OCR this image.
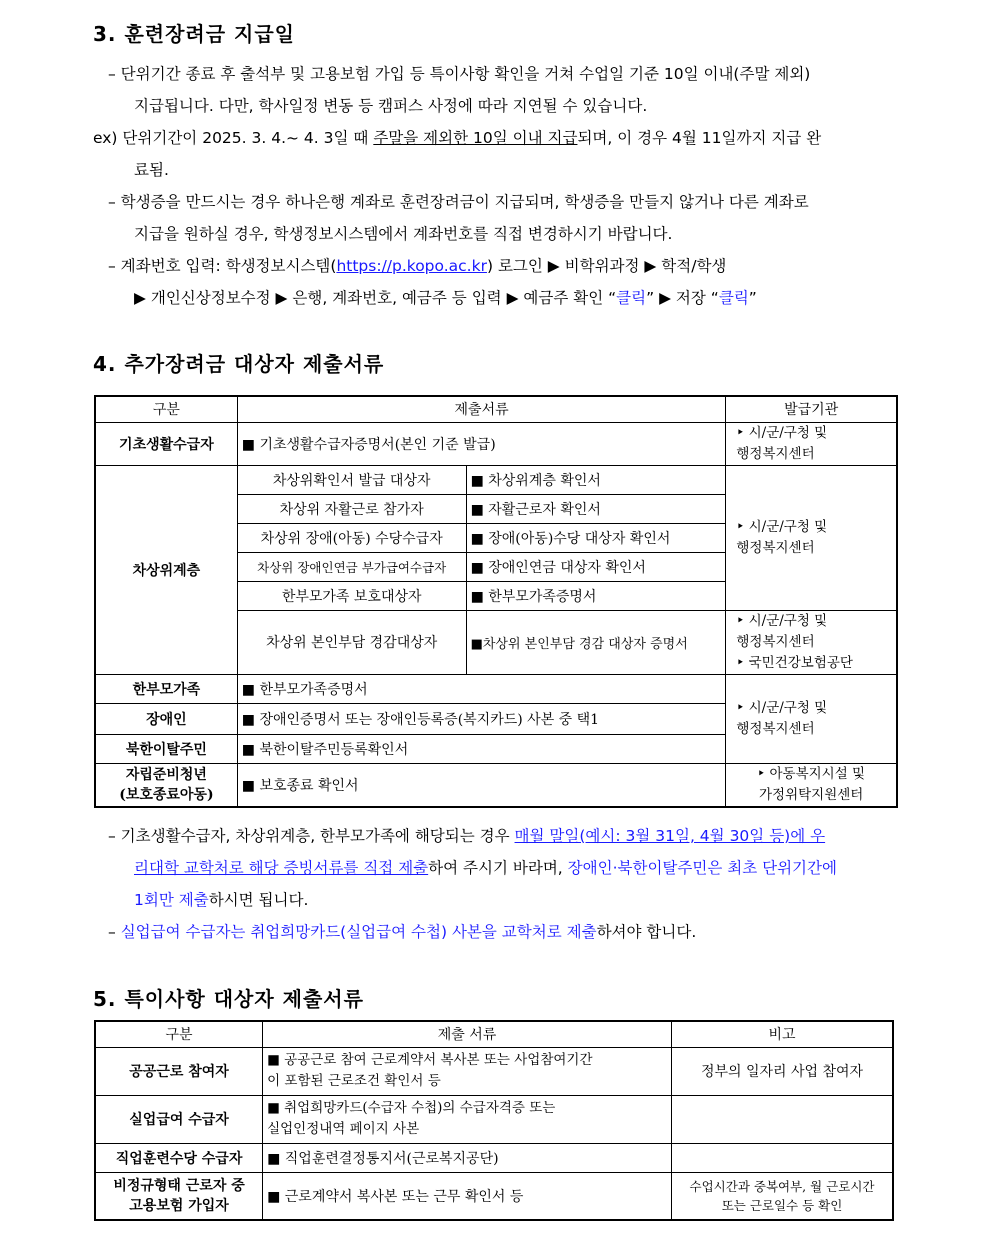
3. 훈련장려금 지급일
– 단위기간 종료 후 출석부 및 고용보험 가입 등 특이사항 확인을 거쳐 수업일 기준 10일 이내(주말 제외)
지급됩니다. 다만, 학사일정 변동 등 캠퍼스 사정에 따라 지연될 수 있습니다.
ex) 단위기간이 2025. 3. 4.~ 4. 3일 때 주말을 제외한 10일 이내 지급되며, 이 경우 4월 11일까지 지급 완
료됨.
– 학생증을 만드시는 경우 하나은행 계좌로 훈련장려금이 지급되며, 학생증을 만들지 않거나 다른 계좌로
지급을 원하실 경우, 학생정보시스템에서 계좌번호를 직접 변경하시기 바랍니다.
– 계좌번호 입력: 학생정보시스템(https://p.kopo.ac.kr) 로그인 ▶ 비학위과정 ▶ 학적/학생
▶ 개인신상정보수정 ▶ 은행, 계좌번호, 예금주 등 입력 ▶ 예금주 확인 “클릭” ▶ 저장 “클릭”
4. 추가장려금 대상자 제출서류
구분	제출서류		발급기관
기초생활수급자	■ 기초생활수급자증명서(본인 기준 발급)		‣ 시/군/구청 및
행정복지센터
차상위계층	차상위확인서 발급 대상자	■ 차상위계층 확인서	‣ 시/군/구청 및
행정복지센터
	차상위 자활근로 참가자	■ 자활근로자 확인서	
	차상위 장애(아동) 수당수급자	■ 장애(아동)수당 대상자 확인서	
	차상위 장애인연금 부가급여수급자	■ 장애인연금 대상자 확인서	
	한부모가족 보호대상자	■ 한부모가족증명서	
	차상위 본인부담 경감대상자	■차상위 본인부담 경감 대상자 증명서	‣ 시/군/구청 및
행정복지센터
‣ 국민건강보험공단
한부모가족	■ 한부모가족증명서		‣ 시/군/구청 및
행정복지센터
장애인	■ 장애인증명서 또는 장애인등록증(복지카드) 사본 중 택1		
북한이탈주민	■ 북한이탈주민등록확인서		
자립준비청년
(보호종료아동)	■ 보호종료 확인서		‣ 아동복지시설 및
가정위탁지원센터
– 기초생활수급자, 차상위계층, 한부모가족에 해당되는 경우 매월 말일(예시: 3월 31일, 4월 30일 등)에 우
리대학 교학처로 해당 증빙서류를 직접 제출하여 주시기 바라며, 장애인·북한이탈주민은 최초 단위기간에
1회만 제출하시면 됩니다.
– 실업급여 수급자는 취업희망카드(실업급여 수첩) 사본을 교학처로 제출하셔야 합니다.
5. 특이사항 대상자 제출서류
구분	제출 서류	비고
공공근로 참여자	■ 공공근로 참여 근로계약서 복사본 또는 사업참여기간
이 포함된 근로조건 확인서 등	정부의 일자리 사업 참여자
실업급여 수급자	■ 취업희망카드(수급자 수첩)의 수급자격증 또는
실업인정내역 페이지 사본	
직업훈련수당 수급자	■ 직업훈련결정통지서(근로복지공단)	
비정규형태 근로자 중
고용보험 가입자	■ 근로계약서 복사본 또는 근무 확인서 등	수업시간과 중복여부, 월 근로시간
또는 근로일수 등 확인
